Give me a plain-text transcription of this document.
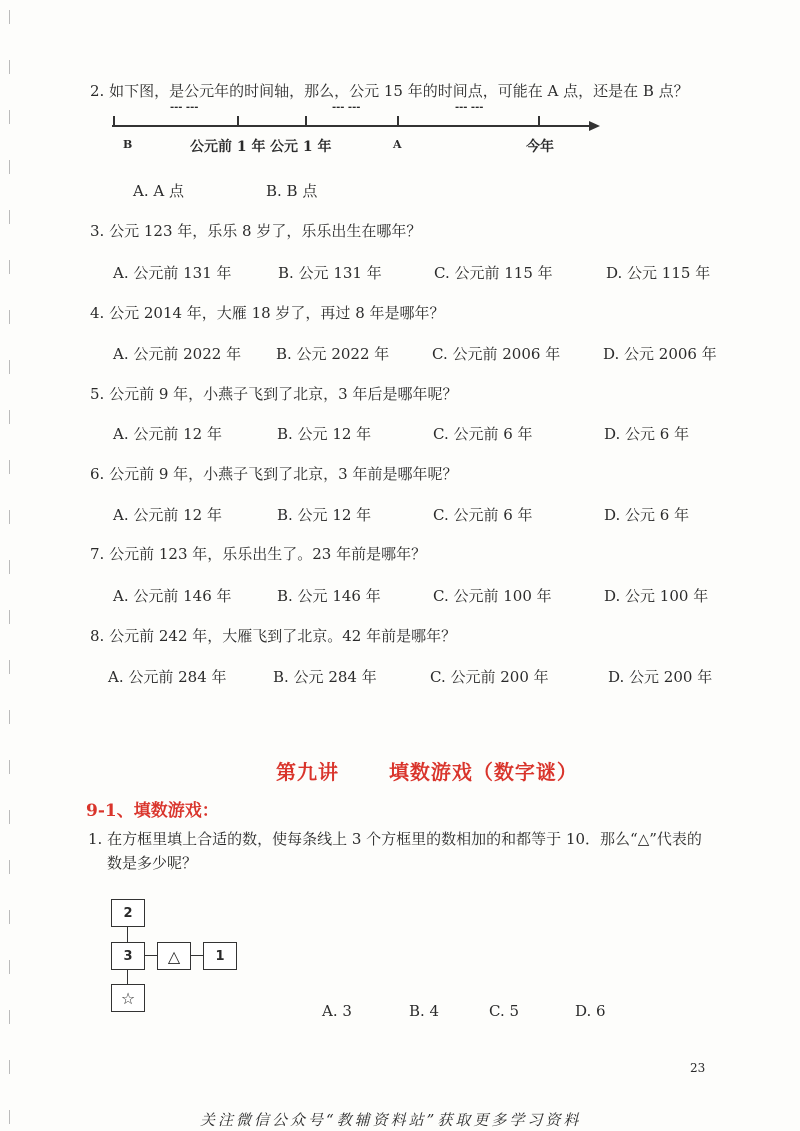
2. 如下图，是公元年的时间轴，那么，公元 15 年的时间点，可能在 A 点，还是在 B 点？
--- ---	--- ---	--- ---
B	公元前 1 年 公元 1 年	A	今年
A. A 点	B. B 点
3. 公元 123 年，乐乐 8 岁了，乐乐出生在哪年？
A. 公元前 131 年	B. 公元 131 年	C. 公元前 115 年	D. 公元 115 年
4. 公元 2014 年，大雁 18 岁了，再过 8 年是哪年？
A. 公元前 2022 年 B. 公元 2022 年	C. 公元前 2006 年	D. 公元 2006 年
5. 公元前 9 年，小燕子飞到了北京，3 年后是哪年呢？
A. 公元前 12 年	B. 公元 12 年	C. 公元前 6 年	D. 公元 6 年
6. 公元前 9 年，小燕子飞到了北京，3 年前是哪年呢？
A. 公元前 12 年	B. 公元 12 年	C. 公元前 6 年	D. 公元 6 年
7. 公元前 123 年，乐乐出生了。23 年前是哪年？
A. 公元前 146 年	B. 公元 146 年	C. 公元前 100 年	D. 公元 100 年
8. 公元前 242 年，大雁飞到了北京。42 年前是哪年？
A. 公元前 284 年	B. 公元 284 年	C. 公元前 200 年	D. 公元 200 年
第九讲 填数游戏（数字谜）
9-1、填数游戏：
1. 在方框里填上合适的数，使每条线上 3 个方框里的数相加的和都等于 10．那么“△”代表的
数是多少呢？
2
3	△	1
☆
A. 3	B. 4	C. 5	D. 6
23
关注微信公众号“教辅资料站”获取更多学习资料
